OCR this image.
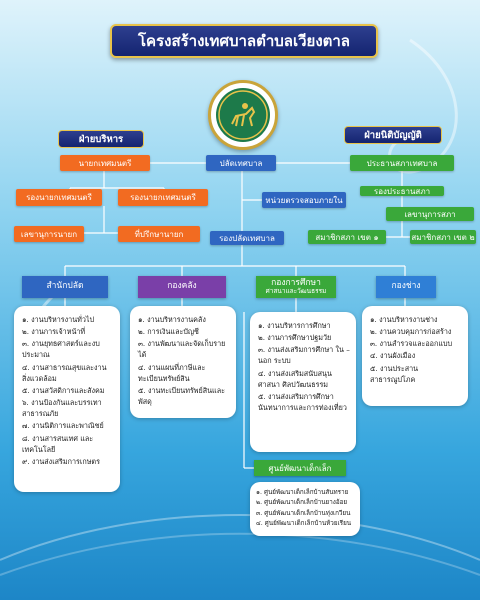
โครงสร้างเทศบาลตำบลเวียงตาล
ฝ่ายบริหาร
นายกเทศมนตรี
รองนายกเทศมนตรี	รองนายกเทศมนตรี
เลขานุการนายก	ที่ปรึกษานายก
ปลัดเทศบาล
หน่วยตรวจสอบภายใน
รองปลัดเทศบาล
ฝ่ายนิติบัญญัติ
ประธานสภาเทศบาล
รองประธานสภา
เลขานุการสภา
สมาชิกสภา เขต ๑	สมาชิกสภา เขต ๒
สำนักปลัด	กองคลัง	กองการศึกษา
ศาสนาและวัฒนธรรม	กองช่าง
๑. งานบริหารงานทั่วไป
๒. งานการเจ้าหน้าที่
๓. งานยุทธศาสตร์และงบประมาณ
๔. งานสาธารณสุขและงานสิ่งแวดล้อม
๕. งานสวัสดิการและสังคม
๖. งานป้องกันและบรรเทาสาธารณภัย
๗. งานนิติการและพาณิชย์
๘. งานสารสนเทศ และเทคโนโลยี
๙. งานส่งเสริมการเกษตร
๑. งานบริหารงานคลัง
๒. การเงินและบัญชี
๓. งานพัฒนาและจัดเก็บรายได้
๔. งานแผนที่ภาษีและทะเบียนทรัพย์สิน
๕. งานทะเบียนทรัพย์สินและพัสดุ
๑. งานบริหารการศึกษา
๒. งานการศึกษาปฐมวัย
๓. งานส่งเสริมการศึกษา ใน – นอก ระบบ
๔. งานส่งเสริมสนับสนุนศาสนา ศิลปวัฒนธรรม
๕. งานส่งเสริมการศึกษานันทนาการและการท่องเที่ยว
๑. งานบริหารงานช่าง
๒. งานควบคุมการก่อสร้าง
๓. งานสำรวจและออกแบบ
๔. งานผังเมือง
๕. งานประสานสาธารณูปโภค
ศูนย์พัฒนาเด็กเล็ก
๑. ศูนย์พัฒนาเด็กเล็กบ้านสันทราย
๒. ศูนย์พัฒนาเด็กเล็กบ้านยางอ้อย
๓. ศูนย์พัฒนาเด็กเล็กบ้านทุ่งเกวียน
๔. ศูนย์พัฒนาเด็กเล็กบ้านห้วยเรียน
